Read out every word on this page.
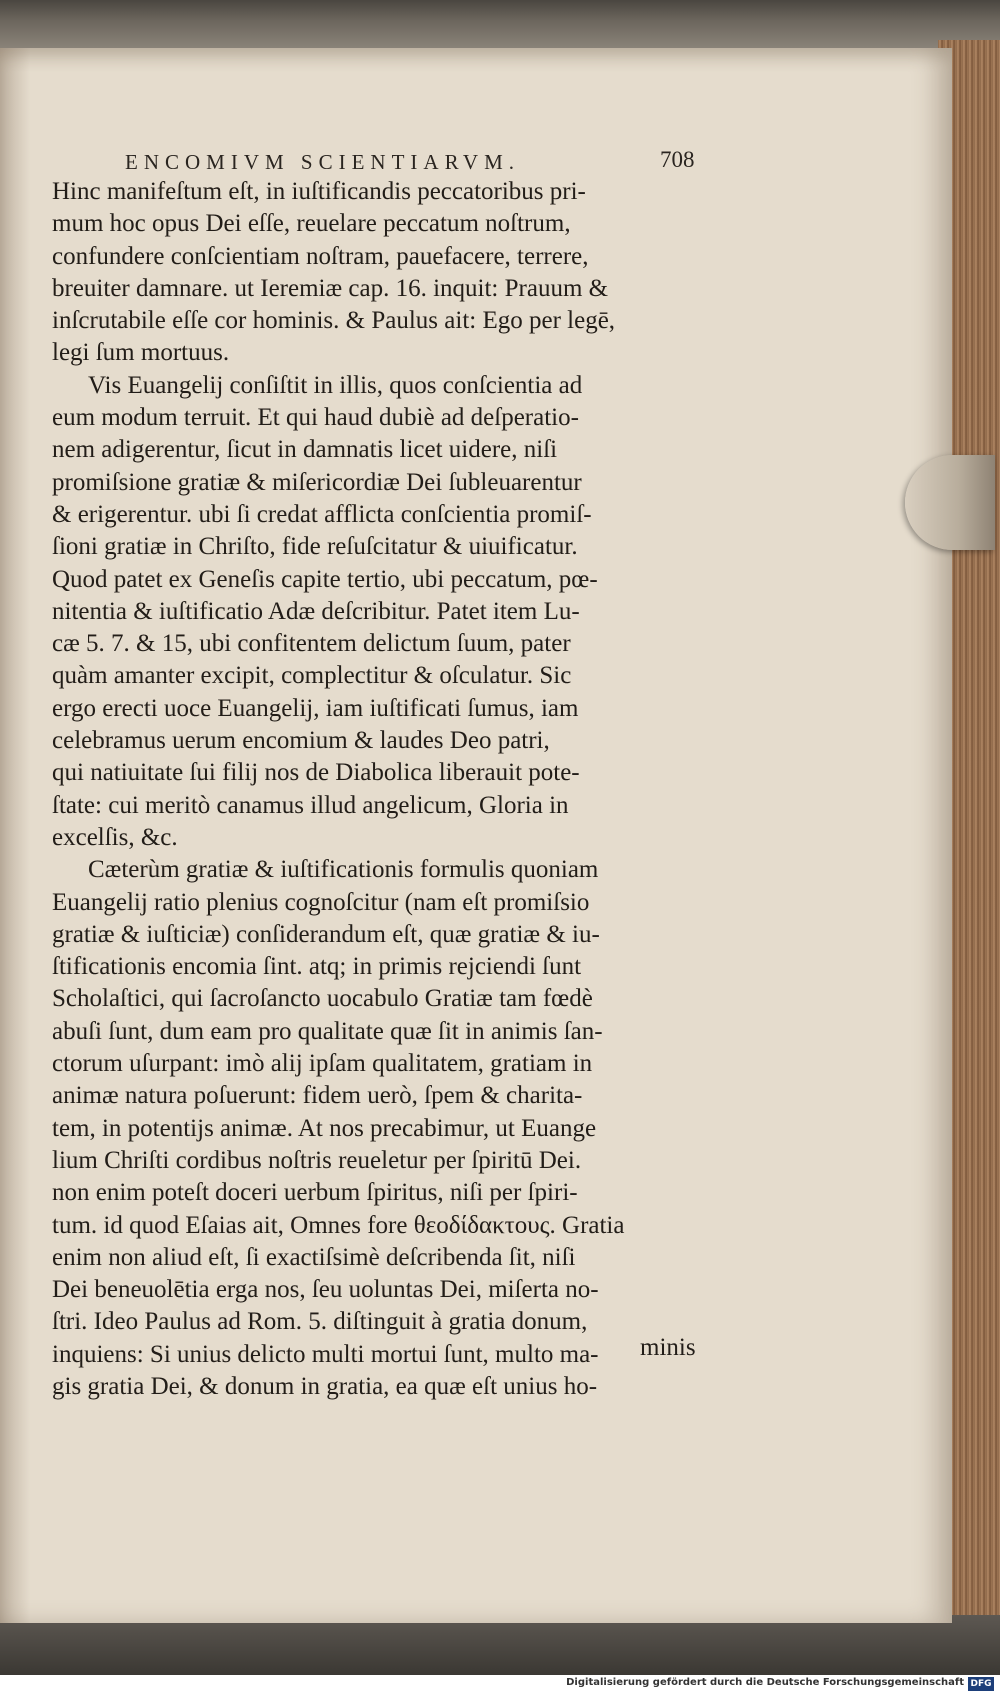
ENCOMIVM SCIENTIARVM.	708
Hinc manifeſtum eſt, in iuſtificandis peccatoribus pri-
mum hoc opus Dei eſſe, reuelare peccatum noſtrum,
confundere conſcientiam noſtram, pauefacere, terrere,
breuiter damnare. ut Ieremiæ cap. 16. inquit: Prauum &
inſcrutabile eſſe cor hominis. & Paulus ait: Ego per legē,
legi ſum mortuus.
Vis Euangelij conſiſtit in illis, quos conſcientia ad
eum modum terruit. Et qui haud dubiè ad deſperatio-
nem adigerentur, ſicut in damnatis licet uidere, niſi
promiſsione gratiæ & miſericordiæ Dei ſubleuarentur
& erigerentur. ubi ſi credat afflicta conſcientia promiſ-
ſioni gratiæ in Chriſto, fide reſuſcitatur & uiuificatur.
Quod patet ex Geneſis capite tertio, ubi peccatum, pœ-
nitentia & iuſtificatio Adæ deſcribitur. Patet item Lu-
cæ 5. 7. & 15, ubi confitentem delictum ſuum, pater
quàm amanter excipit, complectitur & oſculatur. Sic
ergo erecti uoce Euangelij, iam iuſtificati ſumus, iam
celebramus uerum encomium & laudes Deo patri,
qui natiuitate ſui filij nos de Diabolica liberauit pote-
ſtate: cui meritò canamus illud angelicum, Gloria in
excelſis, &c.
Cæterùm gratiæ & iuſtificationis formulis quoniam
Euangelij ratio plenius cognoſcitur (nam eſt promiſsio
gratiæ & iuſticiæ) conſiderandum eſt, quæ gratiæ & iu-
ſtificationis encomia ſint. atq; in primis rejciendi ſunt
Scholaſtici, qui ſacroſancto uocabulo Gratiæ tam fœdè
abuſi ſunt, dum eam pro qualitate quæ ſit in animis ſan-
ctorum uſurpant: imò alij ipſam qualitatem, gratiam in
animæ natura poſuerunt: fidem uerò, ſpem & charita-
tem, in potentijs animæ. At nos precabimur, ut Euange
lium Chriſti cordibus noſtris reueletur per ſpiritū Dei.
non enim poteſt doceri uerbum ſpiritus, niſi per ſpiri-
tum. id quod Eſaias ait, Omnes fore θεοδίδακτους. Gratia
enim non aliud eſt, ſi exactiſsimè deſcribenda ſit, niſi
Dei beneuolētia erga nos, ſeu uoluntas Dei, miſerta no-
ſtri. Ideo Paulus ad Rom. 5. diſtinguit à gratia donum,
inquiens: Si unius delicto multi mortui ſunt, multo ma-
gis gratia Dei, & donum in gratia, ea quæ eſt unius ho-
minis
Digitalisierung gefördert durch die Deutsche Forschungsgemeinschaft DFG
